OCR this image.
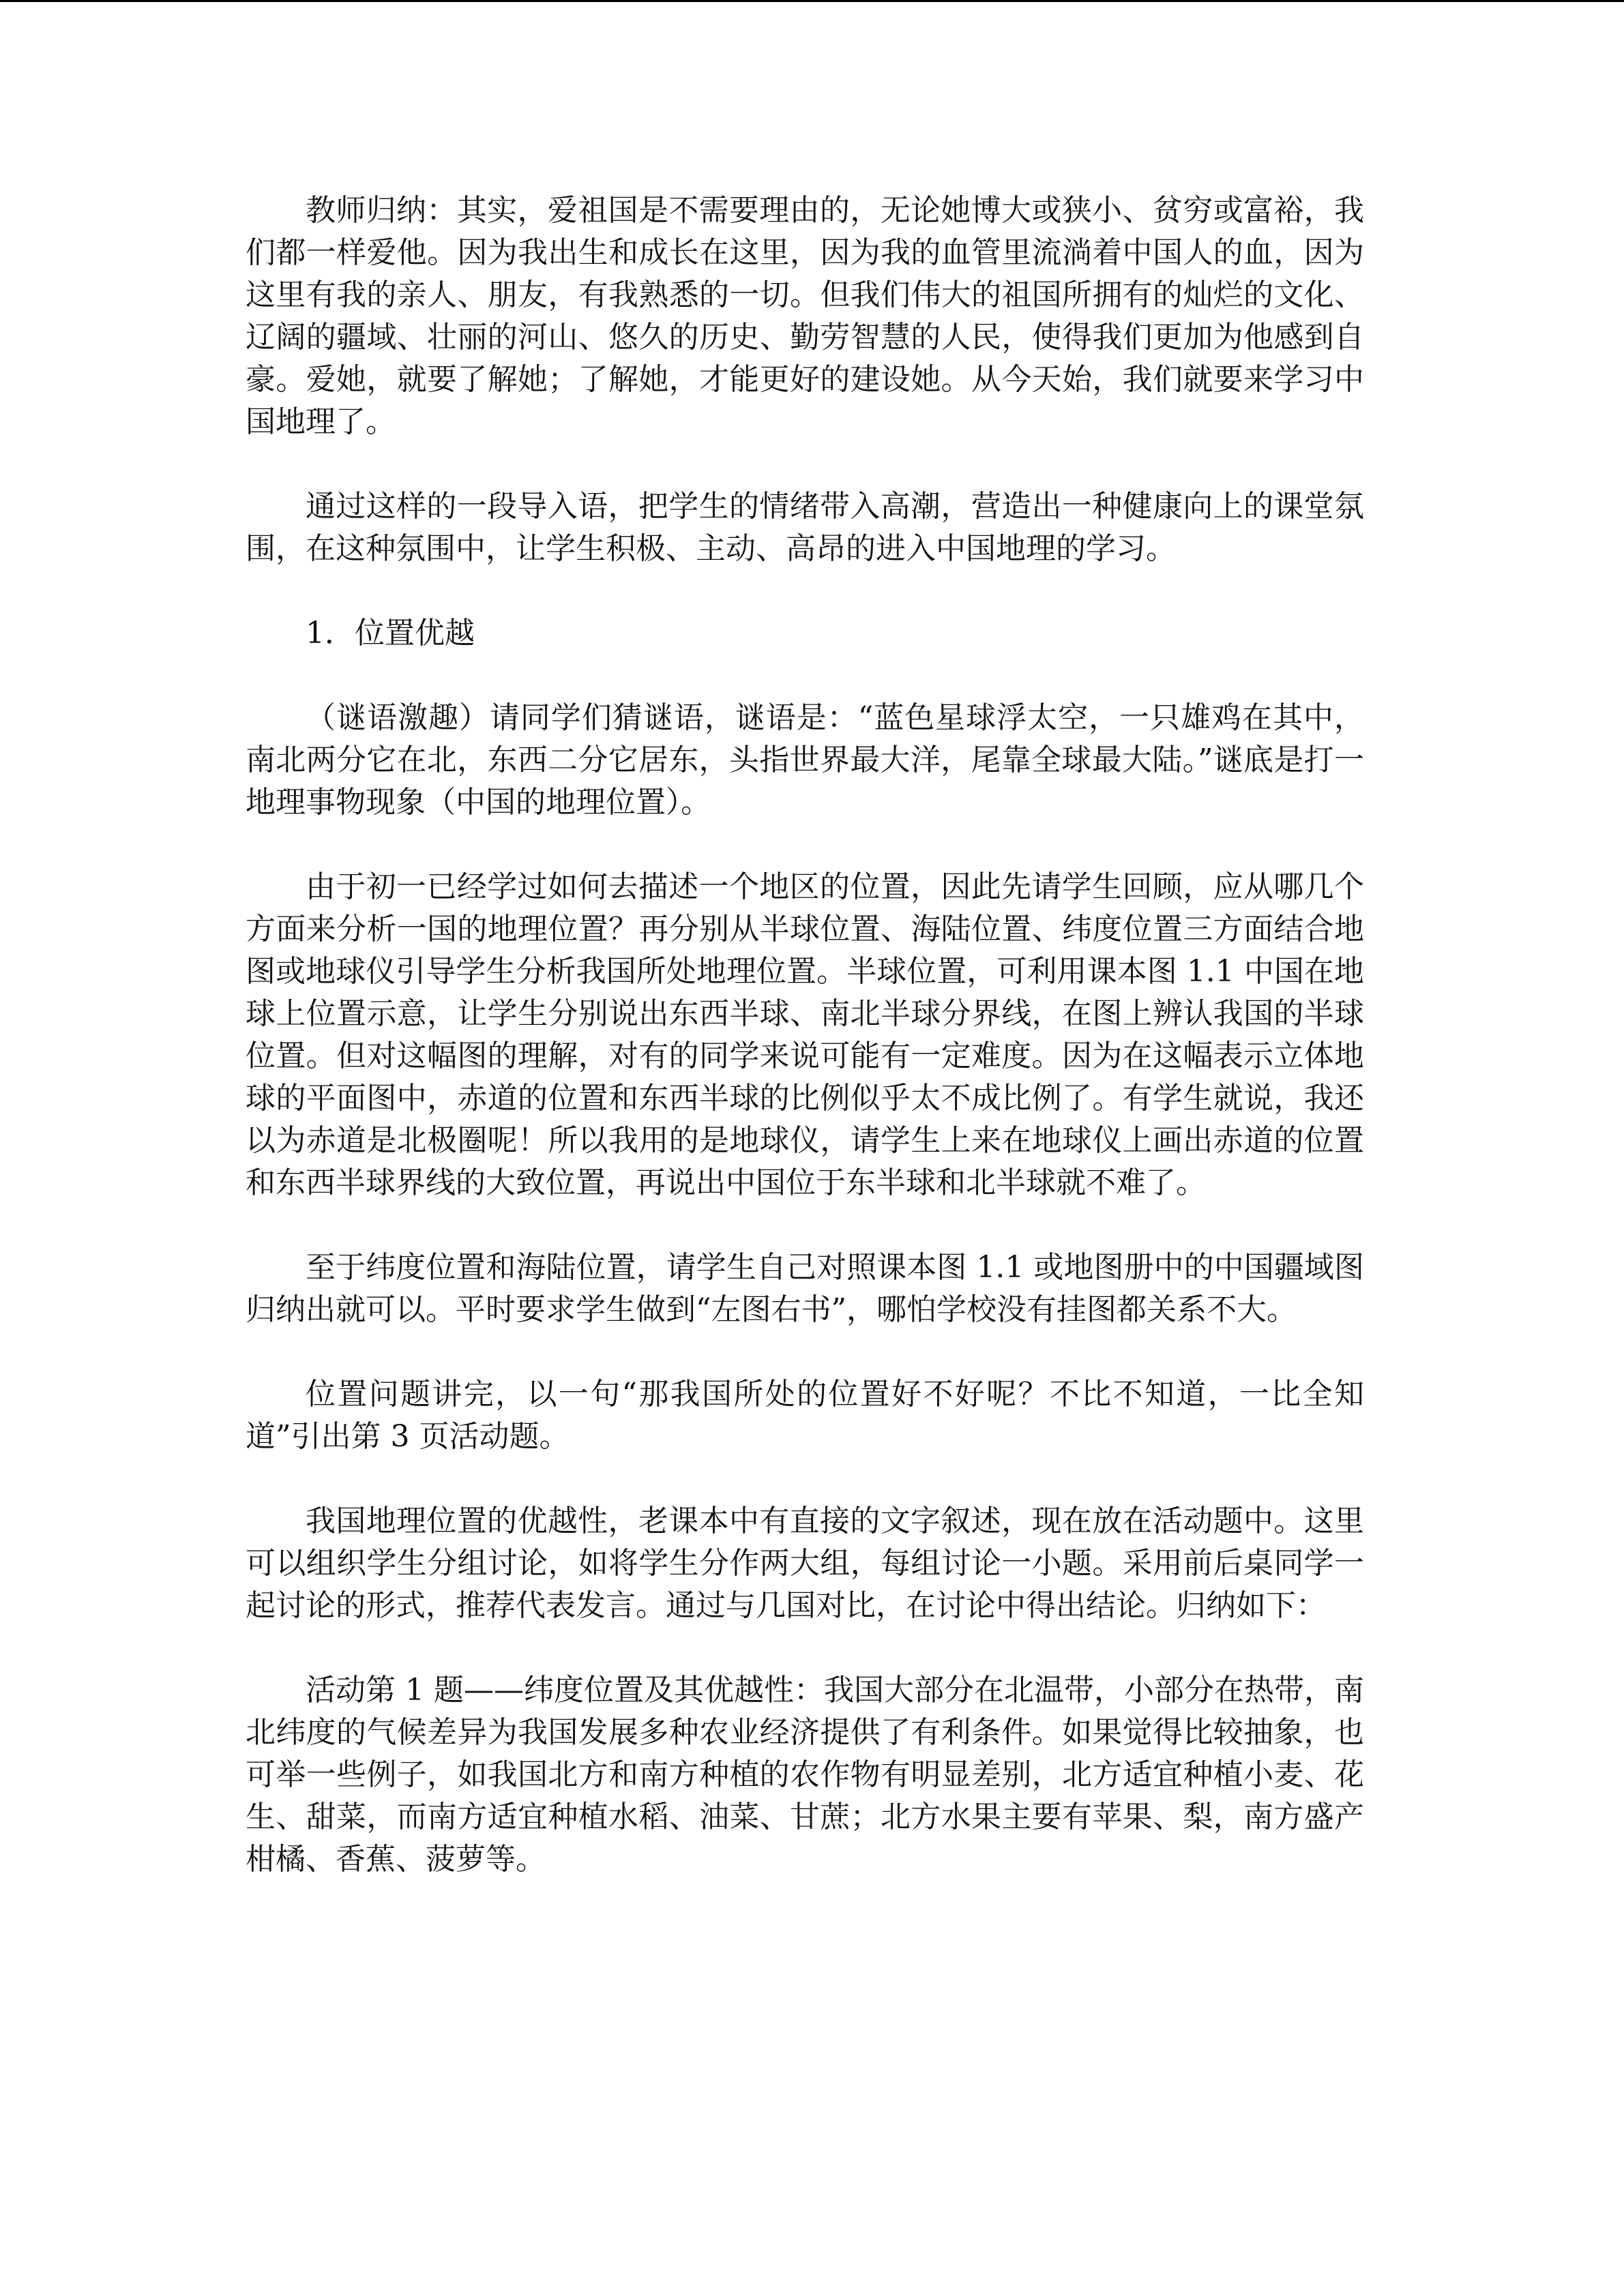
教师归纳：其实，爱祖国是不需要理由的，无论她博大或狭小、贫穷或富裕，我们都一样爱他。因为我出生和成长在这里，因为我的血管里流淌着中国人的血，因为这里有我的亲人、朋友，有我熟悉的一切。但我们伟大的祖国所拥有的灿烂的文化、辽阔的疆域、壮丽的河山、悠久的历史、勤劳智慧的人民，使得我们更加为他感到自豪。爱她，就要了解她；了解她，才能更好的建设她。从今天始，我们就要来学习中国地理了。

通过这样的一段导入语，把学生的情绪带入高潮，营造出一种健康向上的课堂氛围，在这种氛围中，让学生积极、主动、高昂的进入中国地理的学习。

1．位置优越

（谜语激趣）请同学们猜谜语，谜语是：“蓝色星球浮太空，一只雄鸡在其中，南北两分它在北，东西二分它居东，头指世界最大洋，尾靠全球最大陆。”谜底是打一地理事物现象（中国的地理位置）。

由于初一已经学过如何去描述一个地区的位置，因此先请学生回顾，应从哪几个方面来分析一国的地理位置？再分别从半球位置、海陆位置、纬度位置三方面结合地图或地球仪引导学生分析我国所处地理位置。半球位置，可利用课本图 1.1 中国在地球上位置示意，让学生分别说出东西半球、南北半球分界线，在图上辨认我国的半球位置。但对这幅图的理解，对有的同学来说可能有一定难度。因为在这幅表示立体地球的平面图中，赤道的位置和东西半球的比例似乎太不成比例了。有学生就说，我还以为赤道是北极圈呢！所以我用的是地球仪，请学生上来在地球仪上画出赤道的位置和东西半球界线的大致位置，再说出中国位于东半球和北半球就不难了。

至于纬度位置和海陆位置，请学生自己对照课本图 1.1 或地图册中的中国疆域图归纳出就可以。平时要求学生做到“左图右书”，哪怕学校没有挂图都关系不大。

位置问题讲完，以一句“那我国所处的位置好不好呢？不比不知道，一比全知道”引出第 3 页活动题。

我国地理位置的优越性，老课本中有直接的文字叙述，现在放在活动题中。这里可以组织学生分组讨论，如将学生分作两大组，每组讨论一小题。采用前后桌同学一起讨论的形式，推荐代表发言。通过与几国对比，在讨论中得出结论。归纳如下：

活动第 1 题——纬度位置及其优越性：我国大部分在北温带，小部分在热带，南北纬度的气候差异为我国发展多种农业经济提供了有利条件。如果觉得比较抽象，也可举一些例子，如我国北方和南方种植的农作物有明显差别，北方适宜种植小麦、花生、甜菜，而南方适宜种植水稻、油菜、甘蔗；北方水果主要有苹果、梨，南方盛产柑橘、香蕉、菠萝等。
